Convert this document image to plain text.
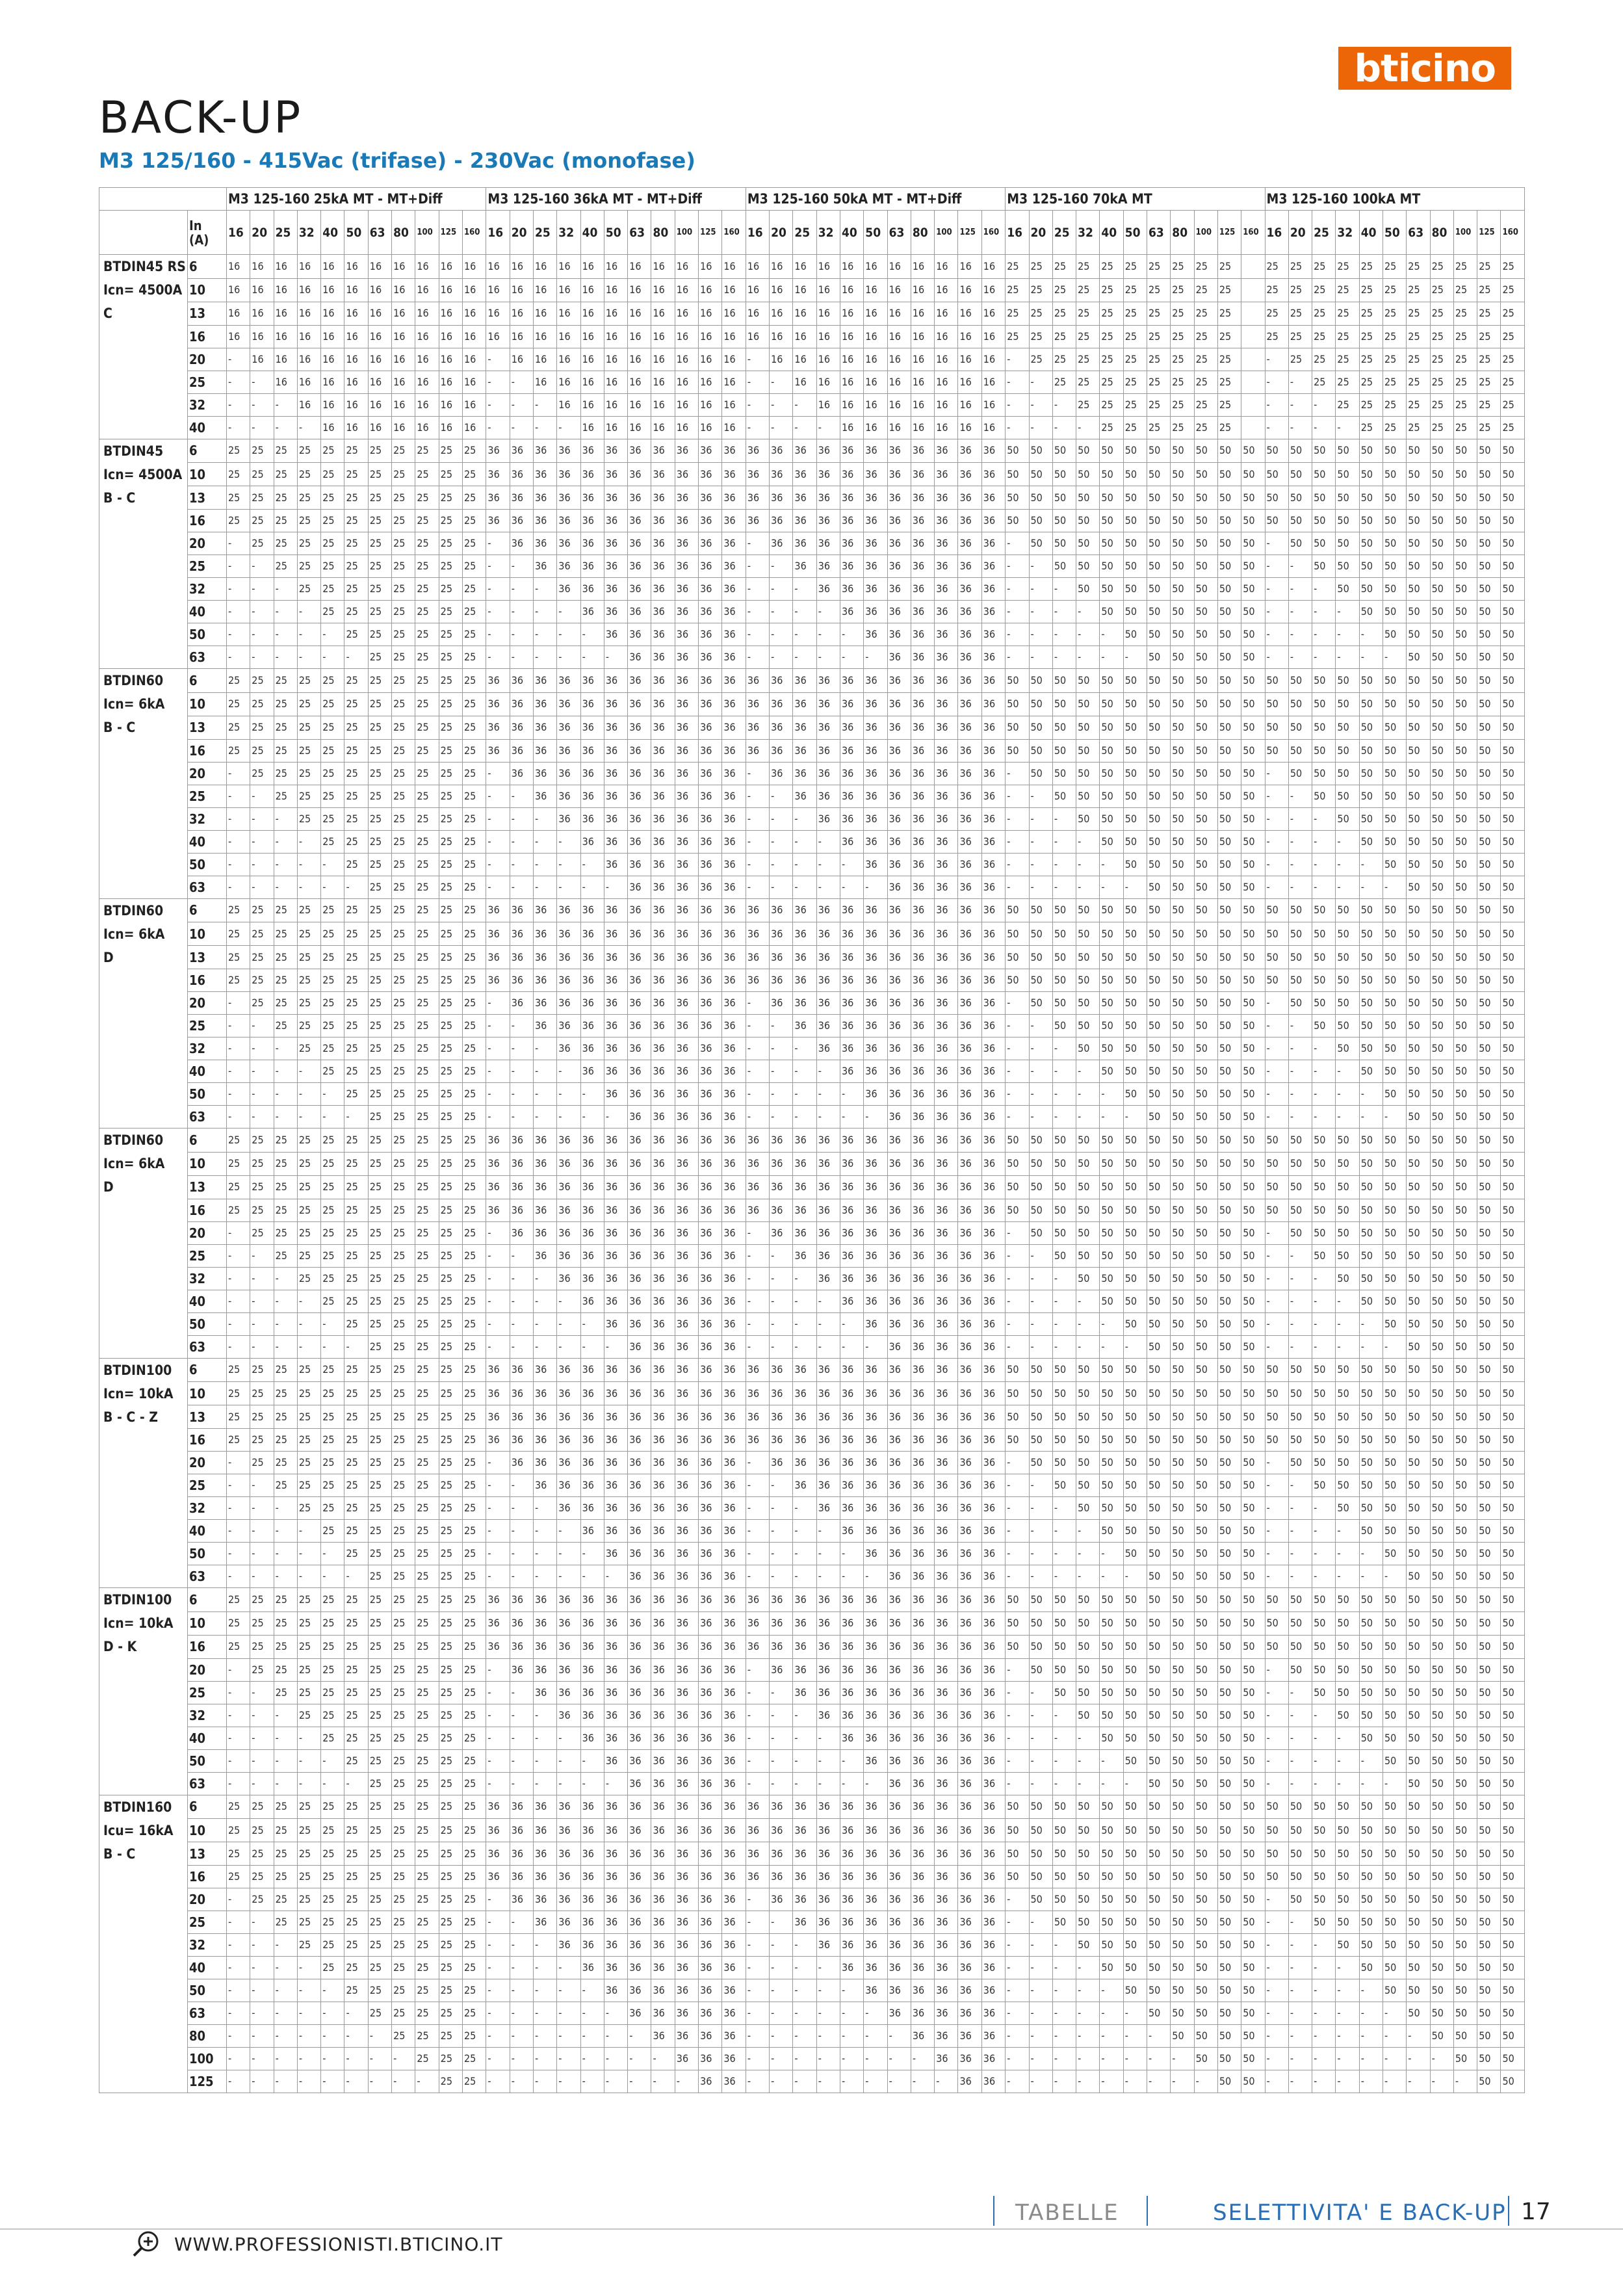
bticino
BACK-UP
M3 125/160 - 415Vac (trifase) - 230Vac (monofase)
		M3 125-160 25kA MT - MT+Diff											M3 125-160 36kA MT - MT+Diff											M3 125-160 50kA MT - MT+Diff											M3 125-160 70kA MT											M3 125-160 100kA MT										

	In
(A)	16	20	25	32	40	50	63	80	100	125	160	16	20	25	32	40	50	63	80	100	125	160	16	20	25	32	40	50	63	80	100	125	160	16	20	25	32	40	50	63	80	100	125	160	16	20	25	32	40	50	63	80	100	125	160
BTDIN45 RS	6	16	16	16	16	16	16	16	16	16	16	16	16	16	16	16	16	16	16	16	16	16	16	16	16	16	16	16	16	16	16	16	16	16	25	25	25	25	25	25	25	25	25	25		25	25	25	25	25	25	25	25	25	25	25
Icn= 4500A	10	16	16	16	16	16	16	16	16	16	16	16	16	16	16	16	16	16	16	16	16	16	16	16	16	16	16	16	16	16	16	16	16	16	25	25	25	25	25	25	25	25	25	25		25	25	25	25	25	25	25	25	25	25	25
C	13	16	16	16	16	16	16	16	16	16	16	16	16	16	16	16	16	16	16	16	16	16	16	16	16	16	16	16	16	16	16	16	16	16	25	25	25	25	25	25	25	25	25	25		25	25	25	25	25	25	25	25	25	25	25
	16	16	16	16	16	16	16	16	16	16	16	16	16	16	16	16	16	16	16	16	16	16	16	16	16	16	16	16	16	16	16	16	16	16	25	25	25	25	25	25	25	25	25	25		25	25	25	25	25	25	25	25	25	25	25
	20	-	16	16	16	16	16	16	16	16	16	16	-	16	16	16	16	16	16	16	16	16	16	-	16	16	16	16	16	16	16	16	16	16	-	25	25	25	25	25	25	25	25	25		-	25	25	25	25	25	25	25	25	25	25
	25	-	-	16	16	16	16	16	16	16	16	16	-	-	16	16	16	16	16	16	16	16	16	-	-	16	16	16	16	16	16	16	16	16	-	-	25	25	25	25	25	25	25	25		-	-	25	25	25	25	25	25	25	25	25
	32	-	-	-	16	16	16	16	16	16	16	16	-	-	-	16	16	16	16	16	16	16	16	-	-	-	16	16	16	16	16	16	16	16	-	-	-	25	25	25	25	25	25	25		-	-	-	25	25	25	25	25	25	25	25
	40	-	-	-	-	16	16	16	16	16	16	16	-	-	-	-	16	16	16	16	16	16	16	-	-	-	-	16	16	16	16	16	16	16	-	-	-	-	25	25	25	25	25	25		-	-	-	-	25	25	25	25	25	25	25
BTDIN45	6	25	25	25	25	25	25	25	25	25	25	25	36	36	36	36	36	36	36	36	36	36	36	36	36	36	36	36	36	36	36	36	36	36	50	50	50	50	50	50	50	50	50	50	50	50	50	50	50	50	50	50	50	50	50	50
Icn= 4500A	10	25	25	25	25	25	25	25	25	25	25	25	36	36	36	36	36	36	36	36	36	36	36	36	36	36	36	36	36	36	36	36	36	36	50	50	50	50	50	50	50	50	50	50	50	50	50	50	50	50	50	50	50	50	50	50
B - C	13	25	25	25	25	25	25	25	25	25	25	25	36	36	36	36	36	36	36	36	36	36	36	36	36	36	36	36	36	36	36	36	36	36	50	50	50	50	50	50	50	50	50	50	50	50	50	50	50	50	50	50	50	50	50	50
	16	25	25	25	25	25	25	25	25	25	25	25	36	36	36	36	36	36	36	36	36	36	36	36	36	36	36	36	36	36	36	36	36	36	50	50	50	50	50	50	50	50	50	50	50	50	50	50	50	50	50	50	50	50	50	50
	20	-	25	25	25	25	25	25	25	25	25	25	-	36	36	36	36	36	36	36	36	36	36	-	36	36	36	36	36	36	36	36	36	36	-	50	50	50	50	50	50	50	50	50	50	-	50	50	50	50	50	50	50	50	50	50
	25	-	-	25	25	25	25	25	25	25	25	25	-	-	36	36	36	36	36	36	36	36	36	-	-	36	36	36	36	36	36	36	36	36	-	-	50	50	50	50	50	50	50	50	50	-	-	50	50	50	50	50	50	50	50	50
	32	-	-	-	25	25	25	25	25	25	25	25	-	-	-	36	36	36	36	36	36	36	36	-	-	-	36	36	36	36	36	36	36	36	-	-	-	50	50	50	50	50	50	50	50	-	-	-	50	50	50	50	50	50	50	50
	40	-	-	-	-	25	25	25	25	25	25	25	-	-	-	-	36	36	36	36	36	36	36	-	-	-	-	36	36	36	36	36	36	36	-	-	-	-	50	50	50	50	50	50	50	-	-	-	-	50	50	50	50	50	50	50
	50	-	-	-	-	-	25	25	25	25	25	25	-	-	-	-	-	36	36	36	36	36	36	-	-	-	-	-	36	36	36	36	36	36	-	-	-	-	-	50	50	50	50	50	50	-	-	-	-	-	50	50	50	50	50	50
	63	-	-	-	-	-	-	25	25	25	25	25	-	-	-	-	-	-	36	36	36	36	36	-	-	-	-	-	-	36	36	36	36	36	-	-	-	-	-	-	50	50	50	50	50	-	-	-	-	-	-	50	50	50	50	50
BTDIN60	6	25	25	25	25	25	25	25	25	25	25	25	36	36	36	36	36	36	36	36	36	36	36	36	36	36	36	36	36	36	36	36	36	36	50	50	50	50	50	50	50	50	50	50	50	50	50	50	50	50	50	50	50	50	50	50
Icn= 6kA	10	25	25	25	25	25	25	25	25	25	25	25	36	36	36	36	36	36	36	36	36	36	36	36	36	36	36	36	36	36	36	36	36	36	50	50	50	50	50	50	50	50	50	50	50	50	50	50	50	50	50	50	50	50	50	50
B - C	13	25	25	25	25	25	25	25	25	25	25	25	36	36	36	36	36	36	36	36	36	36	36	36	36	36	36	36	36	36	36	36	36	36	50	50	50	50	50	50	50	50	50	50	50	50	50	50	50	50	50	50	50	50	50	50
	16	25	25	25	25	25	25	25	25	25	25	25	36	36	36	36	36	36	36	36	36	36	36	36	36	36	36	36	36	36	36	36	36	36	50	50	50	50	50	50	50	50	50	50	50	50	50	50	50	50	50	50	50	50	50	50
	20	-	25	25	25	25	25	25	25	25	25	25	-	36	36	36	36	36	36	36	36	36	36	-	36	36	36	36	36	36	36	36	36	36	-	50	50	50	50	50	50	50	50	50	50	-	50	50	50	50	50	50	50	50	50	50
	25	-	-	25	25	25	25	25	25	25	25	25	-	-	36	36	36	36	36	36	36	36	36	-	-	36	36	36	36	36	36	36	36	36	-	-	50	50	50	50	50	50	50	50	50	-	-	50	50	50	50	50	50	50	50	50
	32	-	-	-	25	25	25	25	25	25	25	25	-	-	-	36	36	36	36	36	36	36	36	-	-	-	36	36	36	36	36	36	36	36	-	-	-	50	50	50	50	50	50	50	50	-	-	-	50	50	50	50	50	50	50	50
	40	-	-	-	-	25	25	25	25	25	25	25	-	-	-	-	36	36	36	36	36	36	36	-	-	-	-	36	36	36	36	36	36	36	-	-	-	-	50	50	50	50	50	50	50	-	-	-	-	50	50	50	50	50	50	50
	50	-	-	-	-	-	25	25	25	25	25	25	-	-	-	-	-	36	36	36	36	36	36	-	-	-	-	-	36	36	36	36	36	36	-	-	-	-	-	50	50	50	50	50	50	-	-	-	-	-	50	50	50	50	50	50
	63	-	-	-	-	-	-	25	25	25	25	25	-	-	-	-	-	-	36	36	36	36	36	-	-	-	-	-	-	36	36	36	36	36	-	-	-	-	-	-	50	50	50	50	50	-	-	-	-	-	-	50	50	50	50	50
BTDIN60	6	25	25	25	25	25	25	25	25	25	25	25	36	36	36	36	36	36	36	36	36	36	36	36	36	36	36	36	36	36	36	36	36	36	50	50	50	50	50	50	50	50	50	50	50	50	50	50	50	50	50	50	50	50	50	50
Icn= 6kA	10	25	25	25	25	25	25	25	25	25	25	25	36	36	36	36	36	36	36	36	36	36	36	36	36	36	36	36	36	36	36	36	36	36	50	50	50	50	50	50	50	50	50	50	50	50	50	50	50	50	50	50	50	50	50	50
D	13	25	25	25	25	25	25	25	25	25	25	25	36	36	36	36	36	36	36	36	36	36	36	36	36	36	36	36	36	36	36	36	36	36	50	50	50	50	50	50	50	50	50	50	50	50	50	50	50	50	50	50	50	50	50	50
	16	25	25	25	25	25	25	25	25	25	25	25	36	36	36	36	36	36	36	36	36	36	36	36	36	36	36	36	36	36	36	36	36	36	50	50	50	50	50	50	50	50	50	50	50	50	50	50	50	50	50	50	50	50	50	50
	20	-	25	25	25	25	25	25	25	25	25	25	-	36	36	36	36	36	36	36	36	36	36	-	36	36	36	36	36	36	36	36	36	36	-	50	50	50	50	50	50	50	50	50	50	-	50	50	50	50	50	50	50	50	50	50
	25	-	-	25	25	25	25	25	25	25	25	25	-	-	36	36	36	36	36	36	36	36	36	-	-	36	36	36	36	36	36	36	36	36	-	-	50	50	50	50	50	50	50	50	50	-	-	50	50	50	50	50	50	50	50	50
	32	-	-	-	25	25	25	25	25	25	25	25	-	-	-	36	36	36	36	36	36	36	36	-	-	-	36	36	36	36	36	36	36	36	-	-	-	50	50	50	50	50	50	50	50	-	-	-	50	50	50	50	50	50	50	50
	40	-	-	-	-	25	25	25	25	25	25	25	-	-	-	-	36	36	36	36	36	36	36	-	-	-	-	36	36	36	36	36	36	36	-	-	-	-	50	50	50	50	50	50	50	-	-	-	-	50	50	50	50	50	50	50
	50	-	-	-	-	-	25	25	25	25	25	25	-	-	-	-	-	36	36	36	36	36	36	-	-	-	-	-	36	36	36	36	36	36	-	-	-	-	-	50	50	50	50	50	50	-	-	-	-	-	50	50	50	50	50	50
	63	-	-	-	-	-	-	25	25	25	25	25	-	-	-	-	-	-	36	36	36	36	36	-	-	-	-	-	-	36	36	36	36	36	-	-	-	-	-	-	50	50	50	50	50	-	-	-	-	-	-	50	50	50	50	50
BTDIN60	6	25	25	25	25	25	25	25	25	25	25	25	36	36	36	36	36	36	36	36	36	36	36	36	36	36	36	36	36	36	36	36	36	36	50	50	50	50	50	50	50	50	50	50	50	50	50	50	50	50	50	50	50	50	50	50
Icn= 6kA	10	25	25	25	25	25	25	25	25	25	25	25	36	36	36	36	36	36	36	36	36	36	36	36	36	36	36	36	36	36	36	36	36	36	50	50	50	50	50	50	50	50	50	50	50	50	50	50	50	50	50	50	50	50	50	50
D	13	25	25	25	25	25	25	25	25	25	25	25	36	36	36	36	36	36	36	36	36	36	36	36	36	36	36	36	36	36	36	36	36	36	50	50	50	50	50	50	50	50	50	50	50	50	50	50	50	50	50	50	50	50	50	50
	16	25	25	25	25	25	25	25	25	25	25	25	36	36	36	36	36	36	36	36	36	36	36	36	36	36	36	36	36	36	36	36	36	36	50	50	50	50	50	50	50	50	50	50	50	50	50	50	50	50	50	50	50	50	50	50
	20	-	25	25	25	25	25	25	25	25	25	25	-	36	36	36	36	36	36	36	36	36	36	-	36	36	36	36	36	36	36	36	36	36	-	50	50	50	50	50	50	50	50	50	50	-	50	50	50	50	50	50	50	50	50	50
	25	-	-	25	25	25	25	25	25	25	25	25	-	-	36	36	36	36	36	36	36	36	36	-	-	36	36	36	36	36	36	36	36	36	-	-	50	50	50	50	50	50	50	50	50	-	-	50	50	50	50	50	50	50	50	50
	32	-	-	-	25	25	25	25	25	25	25	25	-	-	-	36	36	36	36	36	36	36	36	-	-	-	36	36	36	36	36	36	36	36	-	-	-	50	50	50	50	50	50	50	50	-	-	-	50	50	50	50	50	50	50	50
	40	-	-	-	-	25	25	25	25	25	25	25	-	-	-	-	36	36	36	36	36	36	36	-	-	-	-	36	36	36	36	36	36	36	-	-	-	-	50	50	50	50	50	50	50	-	-	-	-	50	50	50	50	50	50	50
	50	-	-	-	-	-	25	25	25	25	25	25	-	-	-	-	-	36	36	36	36	36	36	-	-	-	-	-	36	36	36	36	36	36	-	-	-	-	-	50	50	50	50	50	50	-	-	-	-	-	50	50	50	50	50	50
	63	-	-	-	-	-	-	25	25	25	25	25	-	-	-	-	-	-	36	36	36	36	36	-	-	-	-	-	-	36	36	36	36	36	-	-	-	-	-	-	50	50	50	50	50	-	-	-	-	-	-	50	50	50	50	50
BTDIN100	6	25	25	25	25	25	25	25	25	25	25	25	36	36	36	36	36	36	36	36	36	36	36	36	36	36	36	36	36	36	36	36	36	36	50	50	50	50	50	50	50	50	50	50	50	50	50	50	50	50	50	50	50	50	50	50
Icn= 10kA	10	25	25	25	25	25	25	25	25	25	25	25	36	36	36	36	36	36	36	36	36	36	36	36	36	36	36	36	36	36	36	36	36	36	50	50	50	50	50	50	50	50	50	50	50	50	50	50	50	50	50	50	50	50	50	50
B - C - Z	13	25	25	25	25	25	25	25	25	25	25	25	36	36	36	36	36	36	36	36	36	36	36	36	36	36	36	36	36	36	36	36	36	36	50	50	50	50	50	50	50	50	50	50	50	50	50	50	50	50	50	50	50	50	50	50
	16	25	25	25	25	25	25	25	25	25	25	25	36	36	36	36	36	36	36	36	36	36	36	36	36	36	36	36	36	36	36	36	36	36	50	50	50	50	50	50	50	50	50	50	50	50	50	50	50	50	50	50	50	50	50	50
	20	-	25	25	25	25	25	25	25	25	25	25	-	36	36	36	36	36	36	36	36	36	36	-	36	36	36	36	36	36	36	36	36	36	-	50	50	50	50	50	50	50	50	50	50	-	50	50	50	50	50	50	50	50	50	50
	25	-	-	25	25	25	25	25	25	25	25	25	-	-	36	36	36	36	36	36	36	36	36	-	-	36	36	36	36	36	36	36	36	36	-	-	50	50	50	50	50	50	50	50	50	-	-	50	50	50	50	50	50	50	50	50
	32	-	-	-	25	25	25	25	25	25	25	25	-	-	-	36	36	36	36	36	36	36	36	-	-	-	36	36	36	36	36	36	36	36	-	-	-	50	50	50	50	50	50	50	50	-	-	-	50	50	50	50	50	50	50	50
	40	-	-	-	-	25	25	25	25	25	25	25	-	-	-	-	36	36	36	36	36	36	36	-	-	-	-	36	36	36	36	36	36	36	-	-	-	-	50	50	50	50	50	50	50	-	-	-	-	50	50	50	50	50	50	50
	50	-	-	-	-	-	25	25	25	25	25	25	-	-	-	-	-	36	36	36	36	36	36	-	-	-	-	-	36	36	36	36	36	36	-	-	-	-	-	50	50	50	50	50	50	-	-	-	-	-	50	50	50	50	50	50
	63	-	-	-	-	-	-	25	25	25	25	25	-	-	-	-	-	-	36	36	36	36	36	-	-	-	-	-	-	36	36	36	36	36	-	-	-	-	-	-	50	50	50	50	50	-	-	-	-	-	-	50	50	50	50	50
BTDIN100	6	25	25	25	25	25	25	25	25	25	25	25	36	36	36	36	36	36	36	36	36	36	36	36	36	36	36	36	36	36	36	36	36	36	50	50	50	50	50	50	50	50	50	50	50	50	50	50	50	50	50	50	50	50	50	50
Icn= 10kA	10	25	25	25	25	25	25	25	25	25	25	25	36	36	36	36	36	36	36	36	36	36	36	36	36	36	36	36	36	36	36	36	36	36	50	50	50	50	50	50	50	50	50	50	50	50	50	50	50	50	50	50	50	50	50	50
D - K	16	25	25	25	25	25	25	25	25	25	25	25	36	36	36	36	36	36	36	36	36	36	36	36	36	36	36	36	36	36	36	36	36	36	50	50	50	50	50	50	50	50	50	50	50	50	50	50	50	50	50	50	50	50	50	50
	20	-	25	25	25	25	25	25	25	25	25	25	-	36	36	36	36	36	36	36	36	36	36	-	36	36	36	36	36	36	36	36	36	36	-	50	50	50	50	50	50	50	50	50	50	-	50	50	50	50	50	50	50	50	50	50
	25	-	-	25	25	25	25	25	25	25	25	25	-	-	36	36	36	36	36	36	36	36	36	-	-	36	36	36	36	36	36	36	36	36	-	-	50	50	50	50	50	50	50	50	50	-	-	50	50	50	50	50	50	50	50	50
	32	-	-	-	25	25	25	25	25	25	25	25	-	-	-	36	36	36	36	36	36	36	36	-	-	-	36	36	36	36	36	36	36	36	-	-	-	50	50	50	50	50	50	50	50	-	-	-	50	50	50	50	50	50	50	50
	40	-	-	-	-	25	25	25	25	25	25	25	-	-	-	-	36	36	36	36	36	36	36	-	-	-	-	36	36	36	36	36	36	36	-	-	-	-	50	50	50	50	50	50	50	-	-	-	-	50	50	50	50	50	50	50
	50	-	-	-	-	-	25	25	25	25	25	25	-	-	-	-	-	36	36	36	36	36	36	-	-	-	-	-	36	36	36	36	36	36	-	-	-	-	-	50	50	50	50	50	50	-	-	-	-	-	50	50	50	50	50	50
	63	-	-	-	-	-	-	25	25	25	25	25	-	-	-	-	-	-	36	36	36	36	36	-	-	-	-	-	-	36	36	36	36	36	-	-	-	-	-	-	50	50	50	50	50	-	-	-	-	-	-	50	50	50	50	50
BTDIN160	6	25	25	25	25	25	25	25	25	25	25	25	36	36	36	36	36	36	36	36	36	36	36	36	36	36	36	36	36	36	36	36	36	36	50	50	50	50	50	50	50	50	50	50	50	50	50	50	50	50	50	50	50	50	50	50
Icu= 16kA	10	25	25	25	25	25	25	25	25	25	25	25	36	36	36	36	36	36	36	36	36	36	36	36	36	36	36	36	36	36	36	36	36	36	50	50	50	50	50	50	50	50	50	50	50	50	50	50	50	50	50	50	50	50	50	50
B - C	13	25	25	25	25	25	25	25	25	25	25	25	36	36	36	36	36	36	36	36	36	36	36	36	36	36	36	36	36	36	36	36	36	36	50	50	50	50	50	50	50	50	50	50	50	50	50	50	50	50	50	50	50	50	50	50
	16	25	25	25	25	25	25	25	25	25	25	25	36	36	36	36	36	36	36	36	36	36	36	36	36	36	36	36	36	36	36	36	36	36	50	50	50	50	50	50	50	50	50	50	50	50	50	50	50	50	50	50	50	50	50	50
	20	-	25	25	25	25	25	25	25	25	25	25	-	36	36	36	36	36	36	36	36	36	36	-	36	36	36	36	36	36	36	36	36	36	-	50	50	50	50	50	50	50	50	50	50	-	50	50	50	50	50	50	50	50	50	50
	25	-	-	25	25	25	25	25	25	25	25	25	-	-	36	36	36	36	36	36	36	36	36	-	-	36	36	36	36	36	36	36	36	36	-	-	50	50	50	50	50	50	50	50	50	-	-	50	50	50	50	50	50	50	50	50
	32	-	-	-	25	25	25	25	25	25	25	25	-	-	-	36	36	36	36	36	36	36	36	-	-	-	36	36	36	36	36	36	36	36	-	-	-	50	50	50	50	50	50	50	50	-	-	-	50	50	50	50	50	50	50	50
	40	-	-	-	-	25	25	25	25	25	25	25	-	-	-	-	36	36	36	36	36	36	36	-	-	-	-	36	36	36	36	36	36	36	-	-	-	-	50	50	50	50	50	50	50	-	-	-	-	50	50	50	50	50	50	50
	50	-	-	-	-	-	25	25	25	25	25	25	-	-	-	-	-	36	36	36	36	36	36	-	-	-	-	-	36	36	36	36	36	36	-	-	-	-	-	50	50	50	50	50	50	-	-	-	-	-	50	50	50	50	50	50
	63	-	-	-	-	-	-	25	25	25	25	25	-	-	-	-	-	-	36	36	36	36	36	-	-	-	-	-	-	36	36	36	36	36	-	-	-	-	-	-	50	50	50	50	50	-	-	-	-	-	-	50	50	50	50	50
	80	-	-	-	-	-	-	-	25	25	25	25	-	-	-	-	-	-	-	36	36	36	36	-	-	-	-	-	-	-	36	36	36	36	-	-	-	-	-	-	-	50	50	50	50	-	-	-	-	-	-	-	50	50	50	50
	100	-	-	-	-	-	-	-	-	25	25	25	-	-	-	-	-	-	-	-	36	36	36	-	-	-	-	-	-	-	-	36	36	36	-	-	-	-	-	-	-	-	50	50	50	-	-	-	-	-	-	-	-	50	50	50
	125	-	-	-	-	-	-	-	-	-	25	25	-	-	-	-	-	-	-	-	-	36	36	-	-	-	-	-	-	-	-	-	36	36	-	-	-	-	-	-	-	-	-	50	50	-	-	-	-	-	-	-	-	-	50	50
TABELLE	SELETTIVITA' E BACK-UP 17
WWW.PROFESSIONISTI.BTICINO.IT
